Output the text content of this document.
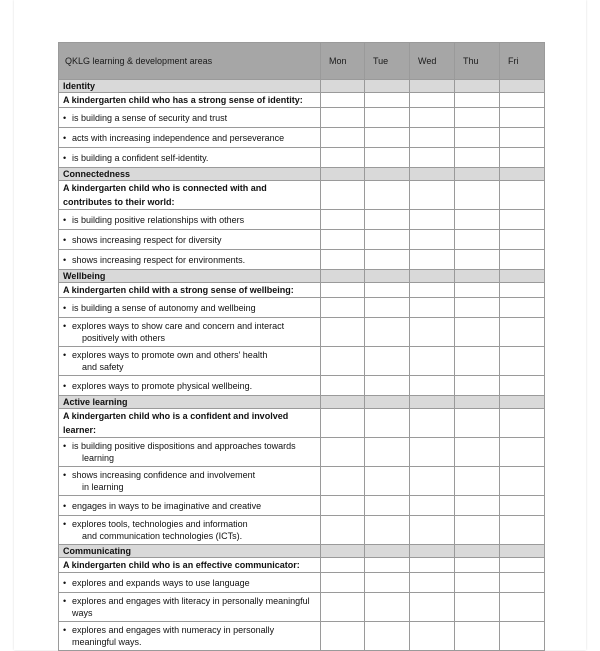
QKLG learning & development areas	Mon	Tue	Wed	Thu	Fri
Identity					
A kindergarten child who has a strong sense of identity:					

• is building a sense of security and trust					

• acts with increasing independence and perseverance					

• is building a confident self-identity.					

Connectedness					
A kindergarten child who is connected with and contributes to their world:					

• is building positive relationships with others					

• shows increasing respect for diversity					

• shows increasing respect for environments.					

Wellbeing					
A kindergarten child with a strong sense of wellbeing:					

• is building a sense of autonomy and wellbeing					

• explores ways to show care and concern and interact
positively with others					

• explores ways to promote own and others' health
and safety					

• explores ways to promote physical wellbeing.					

Active learning					
A kindergarten child who is a confident and involved learner:					

• is building positive dispositions and approaches towards
learning					

• shows increasing confidence and involvement
in learning					

• engages in ways to be imaginative and creative					

• explores tools, technologies and information
and communication technologies (ICTs).					

Communicating					
A kindergarten child who is an effective communicator:					

• explores and expands ways to use language					

• explores and engages with literacy in personally meaningful
ways					

• explores and engages with numeracy in personally
meaningful ways.					
